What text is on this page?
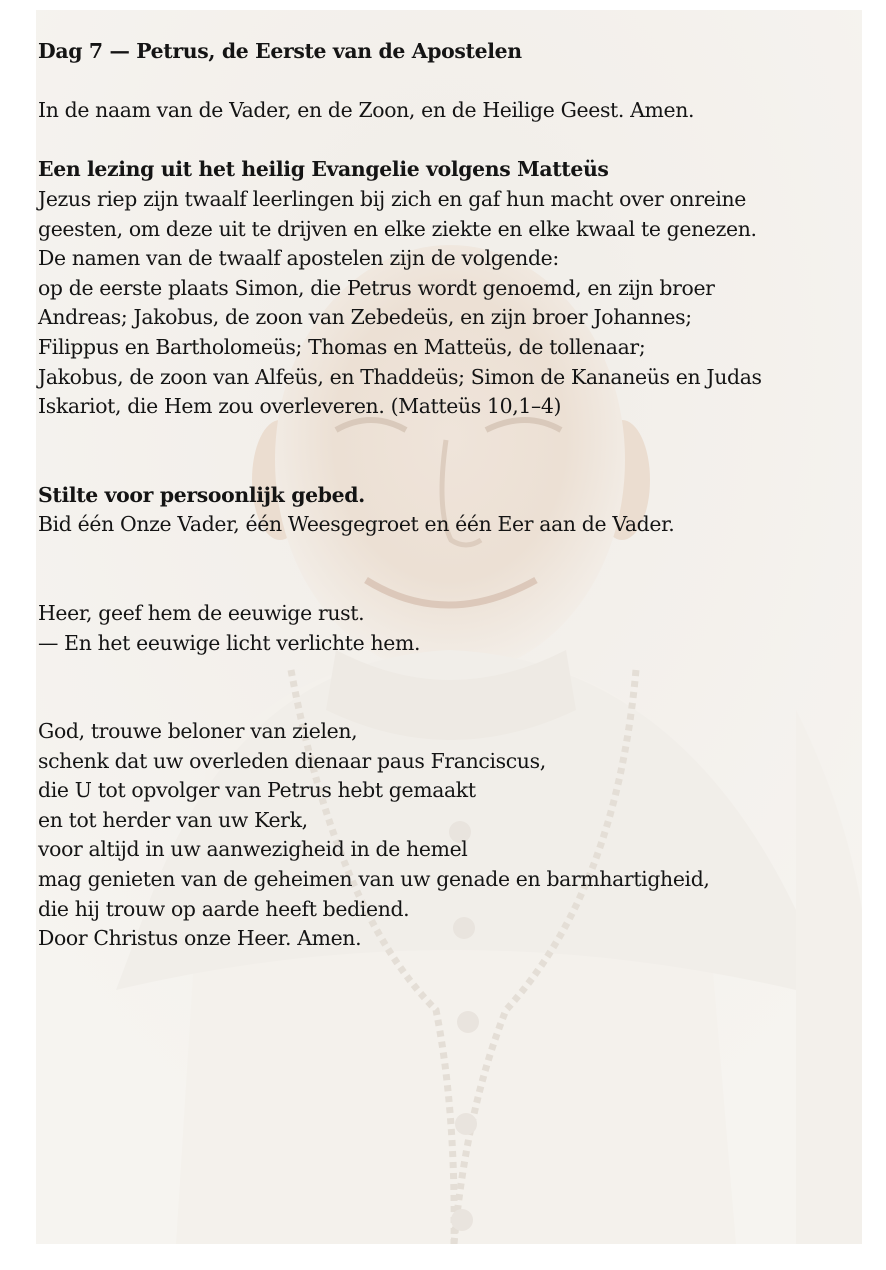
Dag 7 — Petrus, de Eerste van de Apostelen
In de naam van de Vader, en de Zoon, en de Heilige Geest. Amen.
Een lezing uit het heilig Evangelie volgens Matteüs
Jezus riep zijn twaalf leerlingen bij zich en gaf hun macht over onreine
geesten, om deze uit te drijven en elke ziekte en elke kwaal te genezen.
De namen van de twaalf apostelen zijn de volgende:
op de eerste plaats Simon, die Petrus wordt genoemd, en zijn broer
Andreas; Jakobus, de zoon van Zebedeüs, en zijn broer Johannes;
Filippus en Bartholomeüs; Thomas en Matteüs, de tollenaar;
Jakobus, de zoon van Alfeüs, en Thaddeüs; Simon de Kananeüs en Judas
Iskariot, die Hem zou overleveren. (Matteüs 10,1–4)
Stilte voor persoonlijk gebed.
Bid één Onze Vader, één Weesgegroet en één Eer aan de Vader.
Heer, geef hem de eeuwige rust.
— En het eeuwige licht verlichte hem.
God, trouwe beloner van zielen,
schenk dat uw overleden dienaar paus Franciscus,
die U tot opvolger van Petrus hebt gemaakt
en tot herder van uw Kerk,
voor altijd in uw aanwezigheid in de hemel
mag genieten van de geheimen van uw genade en barmhartigheid,
die hij trouw op aarde heeft bediend.
Door Christus onze Heer. Amen.
